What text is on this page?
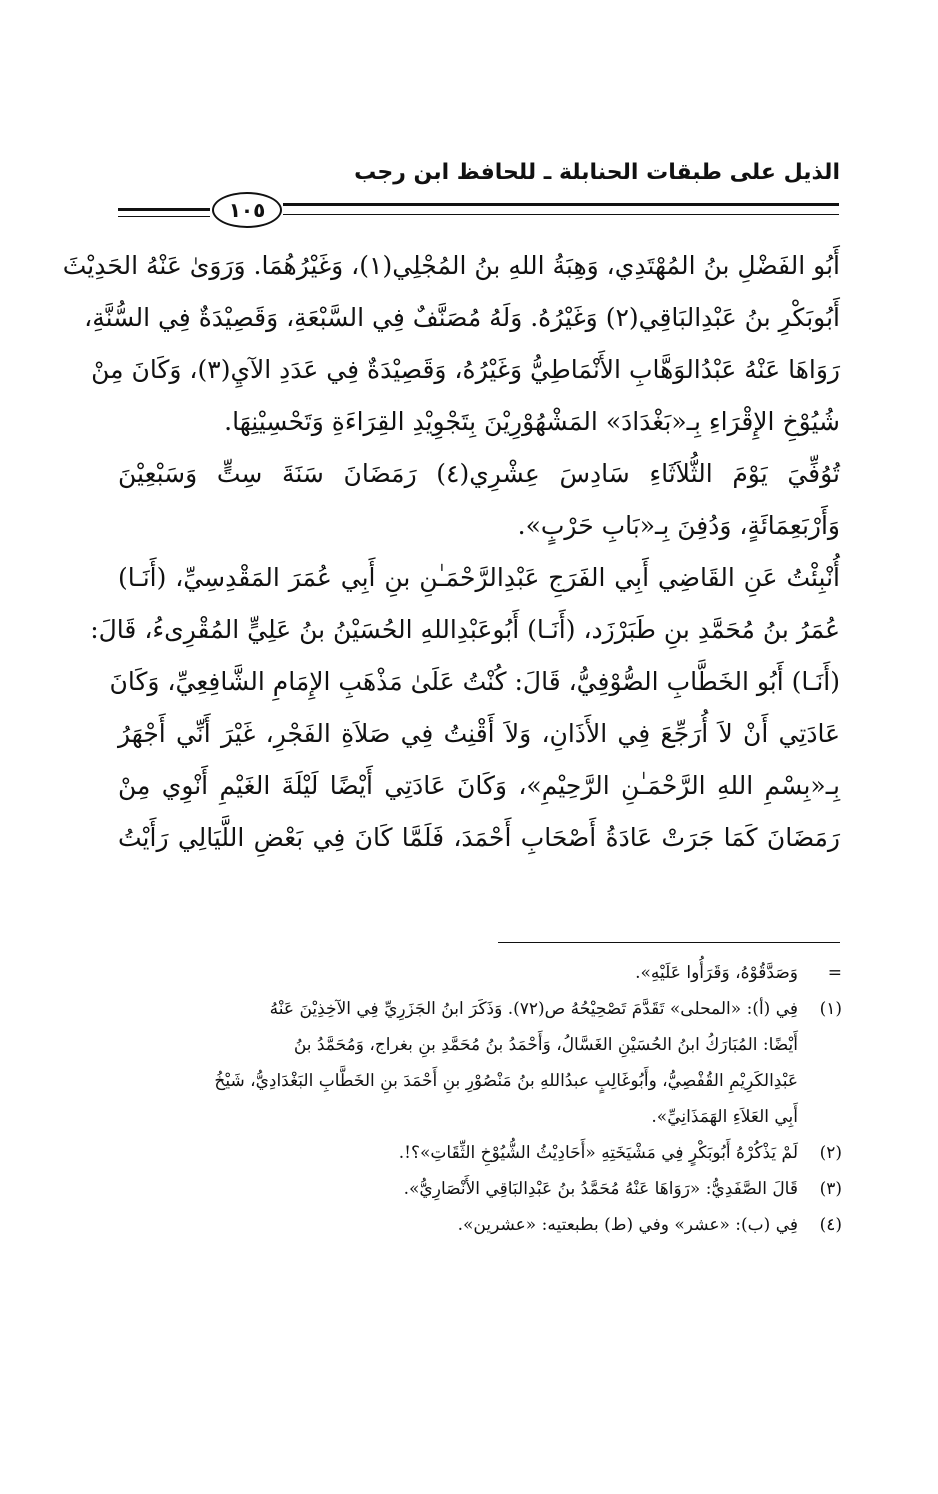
الذيل على طبقات الحنابلة ـ للحافظ ابن رجب
١٠٥
أَبُو الفَضْلِ بنُ المُهْتَدِي، وَهِبَةُ اللهِ بنُ المُجْلِي(١)، وَغَيْرُهُمَا. وَرَوَىٰ عَنْهُ الحَدِيْثَ
أَبُوبَكْرِ بنُ عَبْدِالبَاقِي(٢) وَغَيْرُهُ. وَلَهُ مُصَنَّفٌ فِي السَّبْعَةِ، وَقَصِيْدَةٌ فِي السُّنَّةِ،
رَوَاهَا عَنْهُ عَبْدُالوَهَّابِ الأَنْمَاطِيُّ وَغَيْرُهُ، وَقَصِيْدَةٌ فِي عَدَدِ الآيِ(٣)، وَكَانَ مِنْ
شُيُوْخِ الإِقْرَاءِ بِـ«بَغْدَادَ» المَشْهُوْرِيْنَ بِتَجْوِيْدِ القِرَاءَةِ وَتَحْسِيْنِهَا.
تُوُفِّيَ يَوْمَ الثُّلاَثَاءِ سَادِسَ عِشْرِي(٤) رَمَضَانَ سَنَةَ سِتٍّ وَسَبْعِيْنَ
وَأَرْبَعِمَائَةٍ، وَدُفِنَ بِـ«بَابِ حَرْبٍ».
أُنْبِئْتُ عَنِ القَاضِي أَبِي الفَرَجِ عَبْدِالرَّحْمَـٰنِ بنِ أَبِي عُمَرَ المَقْدِسِيِّ، (أَنَـا)
عُمَرُ بنُ مُحَمَّدِ بنِ طَبَرْزَد، (أَنَـا) أَبُوعَبْدِاللهِ الحُسَيْنُ بنُ عَلِيٍّ المُقْرِىءُ، قَالَ:
(أَنَـا) أَبُو الخَطَّابِ الصُّوْفِيُّ، قَالَ: كُنْتُ عَلَىٰ مَذْهَبِ الإِمَامِ الشَّافِعِيِّ، وَكَانَ
عَادَتِي أَنْ لاَ أُرَجِّعَ فِي الأَذَانِ، وَلاَ أَقْنِتُ فِي صَلاَةِ الفَجْرِ، غَيْرَ أَنِّي أَجْهَرُ
بِـ«بِسْمِ اللهِ الرَّحْمَـٰنِ الرَّحِيْمِ»، وَكَانَ عَادَتِي أَيْضًا لَيْلَةَ الغَيْمِ أَنْوِي مِنْ
رَمَضَانَ كَمَا جَرَتْ عَادَةُ أَصْحَابِ أَحْمَدَ، فَلَمَّا كَانَ فِي بَعْضِ اللَّيَالِي رَأَيْتُ
=وَصَدَّقُوْهُ، وَقَرَأُوا عَلَيْهِ».
(١)فِي (أ): «المحلى» تَقَدَّمَ تَصْحِيْحُهُ ص(٧٢). وَذَكَرَ ابنُ الجَزَرِيِّ فِي الآخِذِيْنَ عَنْهُ
أَيْضًا: المُبَارَكُ ابنُ الحُسَيْنِ الغَسَّالُ، وَأَحْمَدُ بنُ مُحَمَّدِ بنِ بغراج، وَمُحَمَّدُ بنُ
عَبْدِالكَرِيْمِ القُفْصِيُّ، وأَبُوغَالِبٍ عبدُاللهِ بنُ مَنْصُوْرِ بنِ أَحْمَدَ بنِ الخَطَّابِ البَغْدَادِيُّ، شَيْخُ
أَبِي العَلاَءِ الهَمَذَانِيِّ».
(٢)لَمْ يَذْكُرْهُ أَبُوبَكْرٍ فِي مَشْيَخَتِهِ «أَحَادِيْثُ الشُّيُوْخِ الثِّقَاتِ»؟!.
(٣)قَالَ الصَّفَدِيُّ: «رَوَاهَا عَنْهُ مُحَمَّدُ بنُ عَبْدِالبَاقِي الأَنْصَارِيُّ».
(٤)فِي (ب): «عشر» وفي (ط) بطبعتيه: «عشرين».
